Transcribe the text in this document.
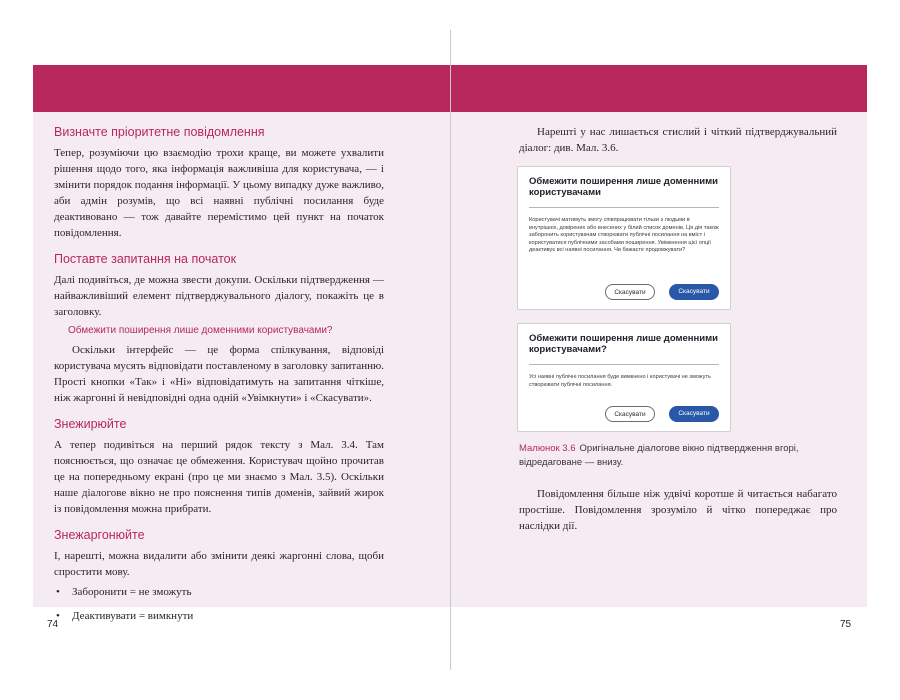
Визначте пріоритетне повідомлення

Тепер, розуміючи цю взаємодію трохи краще, ви можете ухвалити рішення щодо того, яка інформація важливіша для користувача, — і змінити порядок подання інформації. У цьому випадку дуже важливо, аби адмін розумів, що всі наявні публічні посилання буде деактивовано — тож давайте перемістимо цей пункт на початок повідомлення.

Поставте запитання на початок

Далі подивіться, де можна звести докупи. Оскільки підтвердження — найважливіший елемент підтверджувального діалогу, покажіть це в заголовку.

Обмежити поширення лише доменними користувачами?

Оскільки інтерфейс — це форма спілкування, відповіді користувача мусять відповідати поставленому в заголовку запитанню. Прості кнопки «Так» і «Ні» відповідатимуть на запитання чіткіше, ніж жаргонні й невідповідні одна одній «Увімкнути» і «Скасувати».

Знежирюйте

А тепер подивіться на перший рядок тексту з Мал. 3.4. Там пояснюється, що означає це обмеження. Користувач щойно прочитав це на попередньому екрані (про це ми знаємо з Мал. 3.5). Оскільки наше діалогове вікно не про пояснення типів доменів, зайвий жирок із повідомлення можна прибрати.

Знежаргонюйте

І, нарешті, можна видалити або змінити деякі жаргонні слова, щоби спростити мову.

• Заборонити = не зможуть
• Деактивувати = вимкнути

Нарешті у нас лишається стислий і чіткий підтверджувальний діалог: див. Мал. 3.6.

Обмежити поширення лише доменними користувачами
Користувачі матимуть змогу співпрацювати тільки з людьми в внутрішніх, довірених або внесених у білий список доменів. Ця дія також заборонить користувачам створювати публічні посилання на вміст і користуватися публічними засобами поширення. Увімкнення цієї опції деактивує всі наявні посилання. Чи бажаєте продовжувати?
Скасувати	Скасувати
Обмежити поширення лише доменними користувачами?
Усі наявні публічні посилання буде вимкнено і користувачі не зможуть створювати публічні посилання.
Скасувати	Скасувати
Малюнок 3.6 Оригінальне діалогове вікно підтвердження вгорі, відредаговане — внизу.

Повідомлення більше ніж удвічі коротше й читається набагато простіше. Повідомлення зрозуміло й чітко попереджає про наслідки дії.

74	75
